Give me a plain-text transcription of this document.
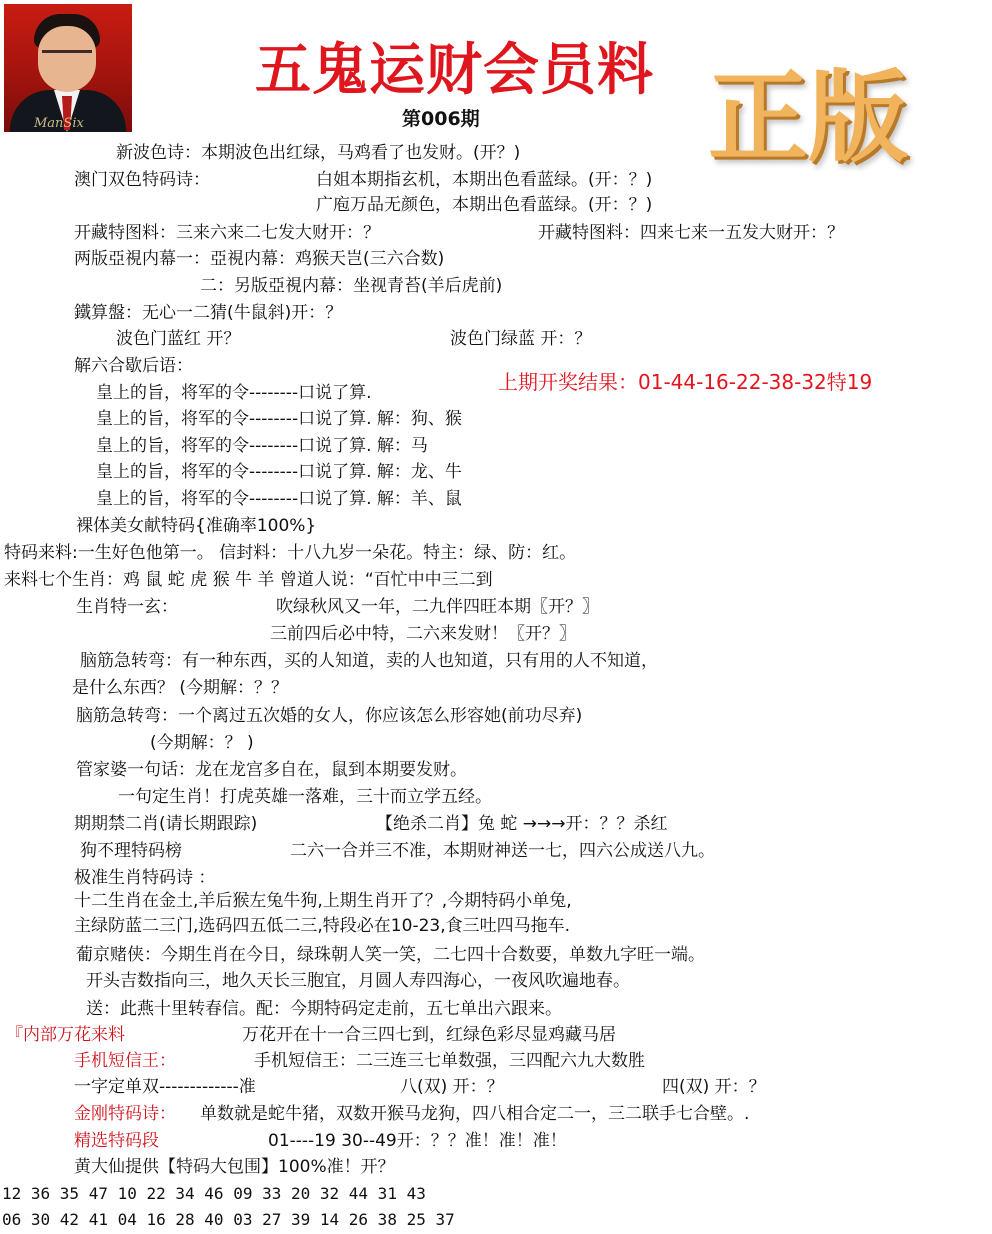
ManSix
五鬼运财会员料
第006期 正版
上期开奖结果：01-44-16-22-38-32特19
新波色诗：本期波色出红绿，马鸡看了也发财。(开？)
澳门双色特码诗：	白姐本期指玄机，本期出色看蓝绿。(开：？)
广庖万品无颜色，本期出色看蓝绿。(开：？)
开藏特图料：三来六来二七发大财开：？	开藏特图料：四来七来一五发大财开：？
两版亞視内幕一：亞視内幕：鸡猴天岂(三六合数)
二：另版亞視内幕：坐视青苔(羊后虎前)
鐵算盤：无心一二猜(牛鼠斜)开：？
波色门蓝红 开？	波色门绿蓝 开：？
解六合歇后语：
皇上的旨，将军的令--------口说了算.
皇上的旨，将军的令--------口说了算. 解：狗、猴
皇上的旨，将军的令--------口说了算. 解：马
皇上的旨，将军的令--------口说了算. 解：龙、牛
皇上的旨，将军的令--------口说了算. 解：羊、鼠
裸体美女献特码{准确率100%}
特码来料:一生好色他第一。 信封料：十八九岁一朵花。特主：绿、防：红。
来料七个生肖：鸡 鼠 蛇 虎 猴 牛 羊 曾道人说：“百忙中中三二到
生肖特一玄：	吹绿秋风又一年，二九伴四旺本期〖开？〗
三前四后必中特，二六来发财！〖开？〗
脑筋急转弯：有一种东西，买的人知道，卖的人也知道，只有用的人不知道，
是什么东西？ (今期解：？？
脑筋急转弯：一个离过五次婚的女人，你应该怎么形容她(前功尽弃)
(今期解：？ )
管家婆一句话：龙在龙宫多自在，鼠到本期要发财。
一句定生肖！打虎英雄一落难，三十而立学五经。
期期禁二肖(请长期跟踪)	【绝杀二肖】兔 蛇 →→→开：？？杀红
狗不理特码榜	二六一合并三不准，本期财神送一七，四六公成送八九。
极准生肖特码诗 ：
十二生肖在金土,羊后猴左兔牛狗,上期生肖开了？,今期特码小单兔,
主绿防蓝二三门,选码四五低二三,特段必在10-23,食三吐四马拖车.
葡京赌侠：今期生肖在今日，绿珠朝人笑一笑，二七四十合数要，单数九字旺一端。
开头吉数指向三，地久天长三胞宜，月圆人寿四海心，一夜风吹遍地春。
送：此燕十里转春信。配：今期特码定走前，五七单出六跟来。
『内部万花来料	万花开在十一合三四七到，红绿色彩尽显鸡藏马居
手机短信王：	手机短信王：二三连三七单数强，三四配六九大数胜
一字定单双-------------准	八(双) 开：？	四(双) 开：？
金刚特码诗： 单数就是蛇牛猪，双数开猴马龙狗，四八相合定二一，三二联手七合壁。.
精选特码段	01----19 30--49开：？？准！准！准！
黄大仙提供【特码大包围】100%准！开？
12 36 35 47 10 22 34 46 09 33 20 32 44 31 43
06 30 42 41 04 16 28 40 03 27 39 14 26 38 25 37
